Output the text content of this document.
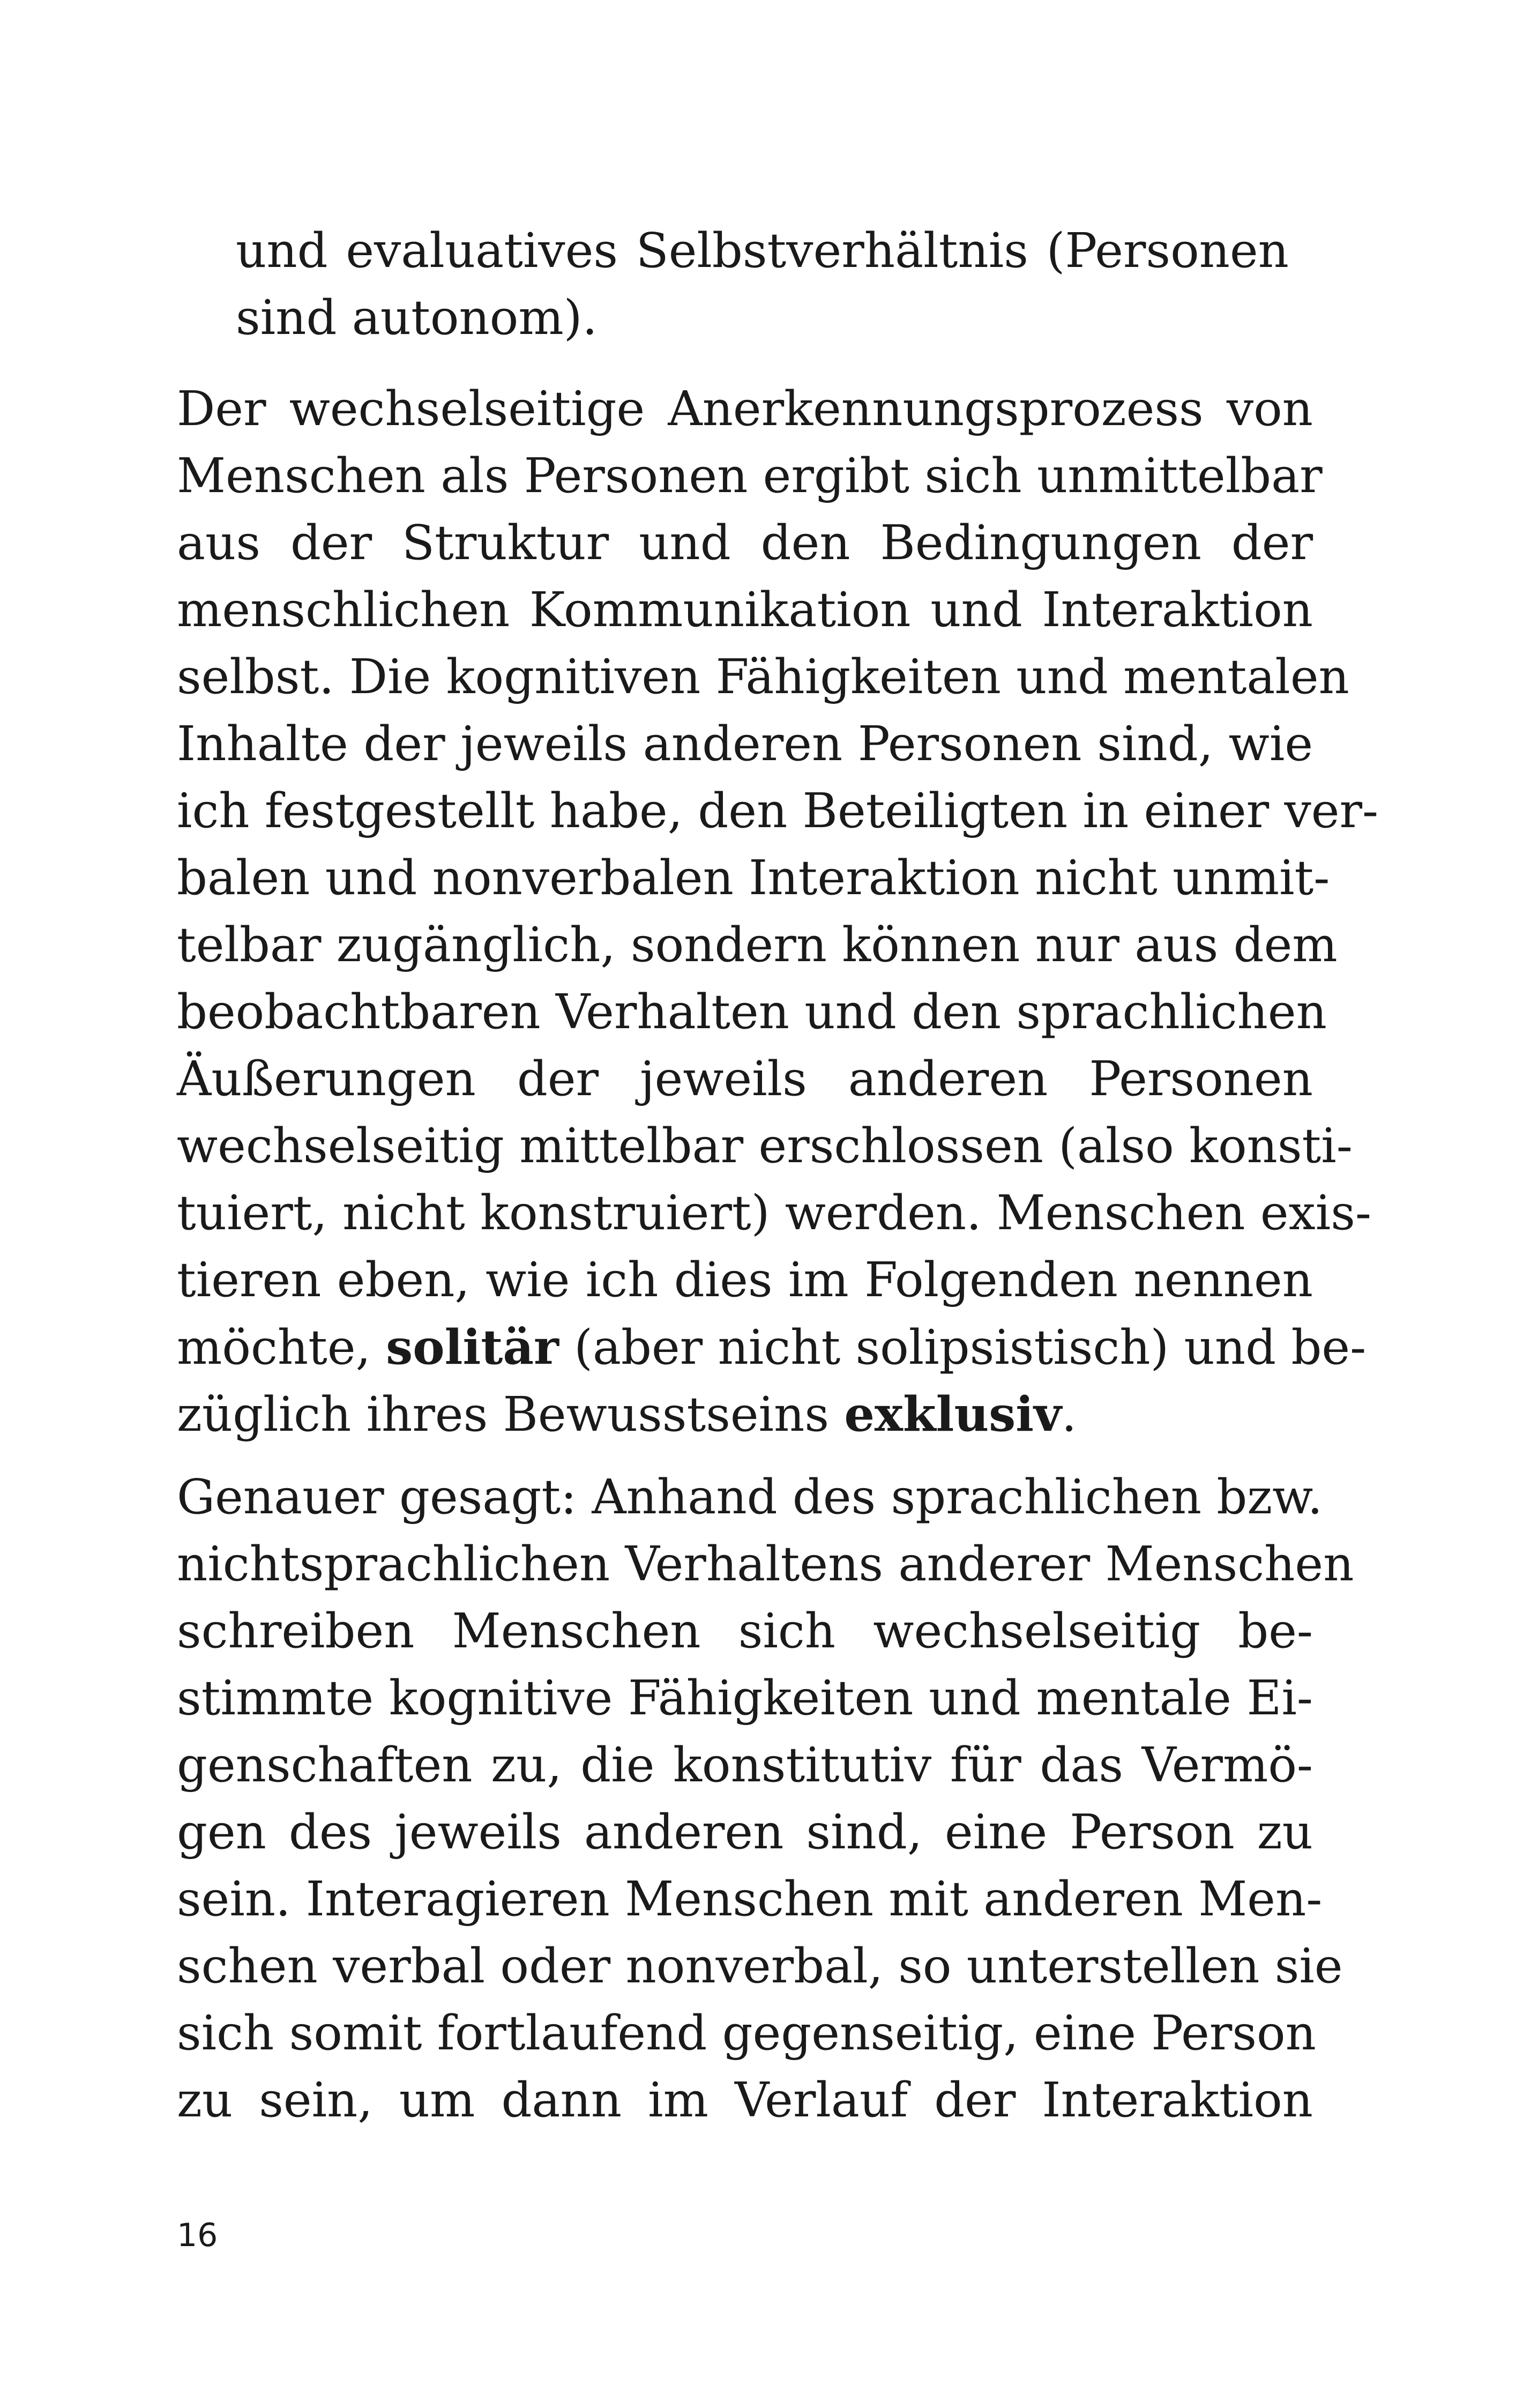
und evaluatives Selbstverhältnis (Personen
sind autonom).
Der wechselseitige Anerkennungsprozess von
Menschen als Personen ergibt sich unmittelbar
aus der Struktur und den Bedingungen der
menschlichen Kommunikation und Interaktion
selbst. Die kognitiven Fähigkeiten und mentalen
Inhalte der jeweils anderen Personen sind, wie
ich festgestellt habe, den Beteiligten in einer ver-
balen und nonverbalen Interaktion nicht unmit-
telbar zugänglich, sondern können nur aus dem
beobachtbaren Verhalten und den sprachlichen
Äußerungen der jeweils anderen Personen
wechselseitig mittelbar erschlossen (also konsti-
tuiert, nicht konstruiert) werden. Menschen exis-
tieren eben, wie ich dies im Folgenden nennen
möchte, solitär (aber nicht solipsistisch) und be-
züglich ihres Bewusstseins exklusiv.
Genauer gesagt: Anhand des sprachlichen bzw.
nichtsprachlichen Verhaltens anderer Menschen
schreiben Menschen sich wechselseitig be-
stimmte kognitive Fähigkeiten und mentale Ei-
genschaften zu, die konstitutiv für das Vermö-
gen des jeweils anderen sind, eine Person zu
sein. Interagieren Menschen mit anderen Men-
schen verbal oder nonverbal, so unterstellen sie
sich somit fortlaufend gegenseitig, eine Person
zu sein, um dann im Verlauf der Interaktion
16
